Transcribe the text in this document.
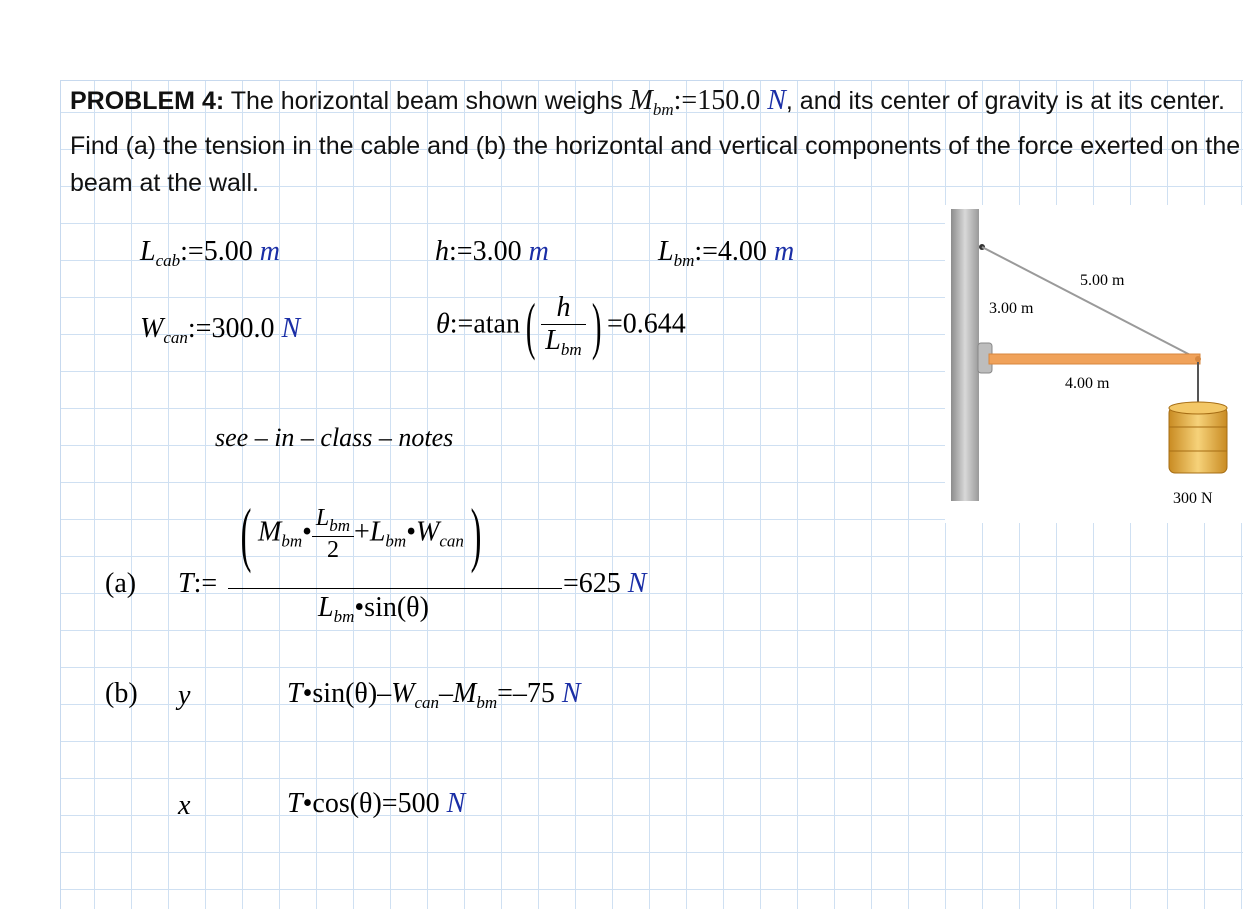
PROBLEM 4: The horizontal beam shown weighs $M_{bm}:=150.0$ N, and its center of gravity is at its center. Find (a) the tension in the cable and (b) the horizontal and vertical components of the force exerted on the beam at the wall.
$L_{cab}:=5.00$ m	h:=3.00 m	$L_{bm}:=4.00$ m
$W_{can}:=300.0$ N	θ:=atan( $\frac{h}{L_{bm}}$ ) =0.644
see – in – class – notes
(a) T:=
( $M_{bm}• \frac{L_{bm}}{2}$ $+L_{bm}•W_{can}$)
$L_{bm}•\sin(\theta)$
=625 N
(b) y	$T•\sin(\theta)-W_{can}-M_{bm}=-75$ N
x	T•cos(θ)=500 N
3.00 m
5.00 m
4.00 m
300 N
